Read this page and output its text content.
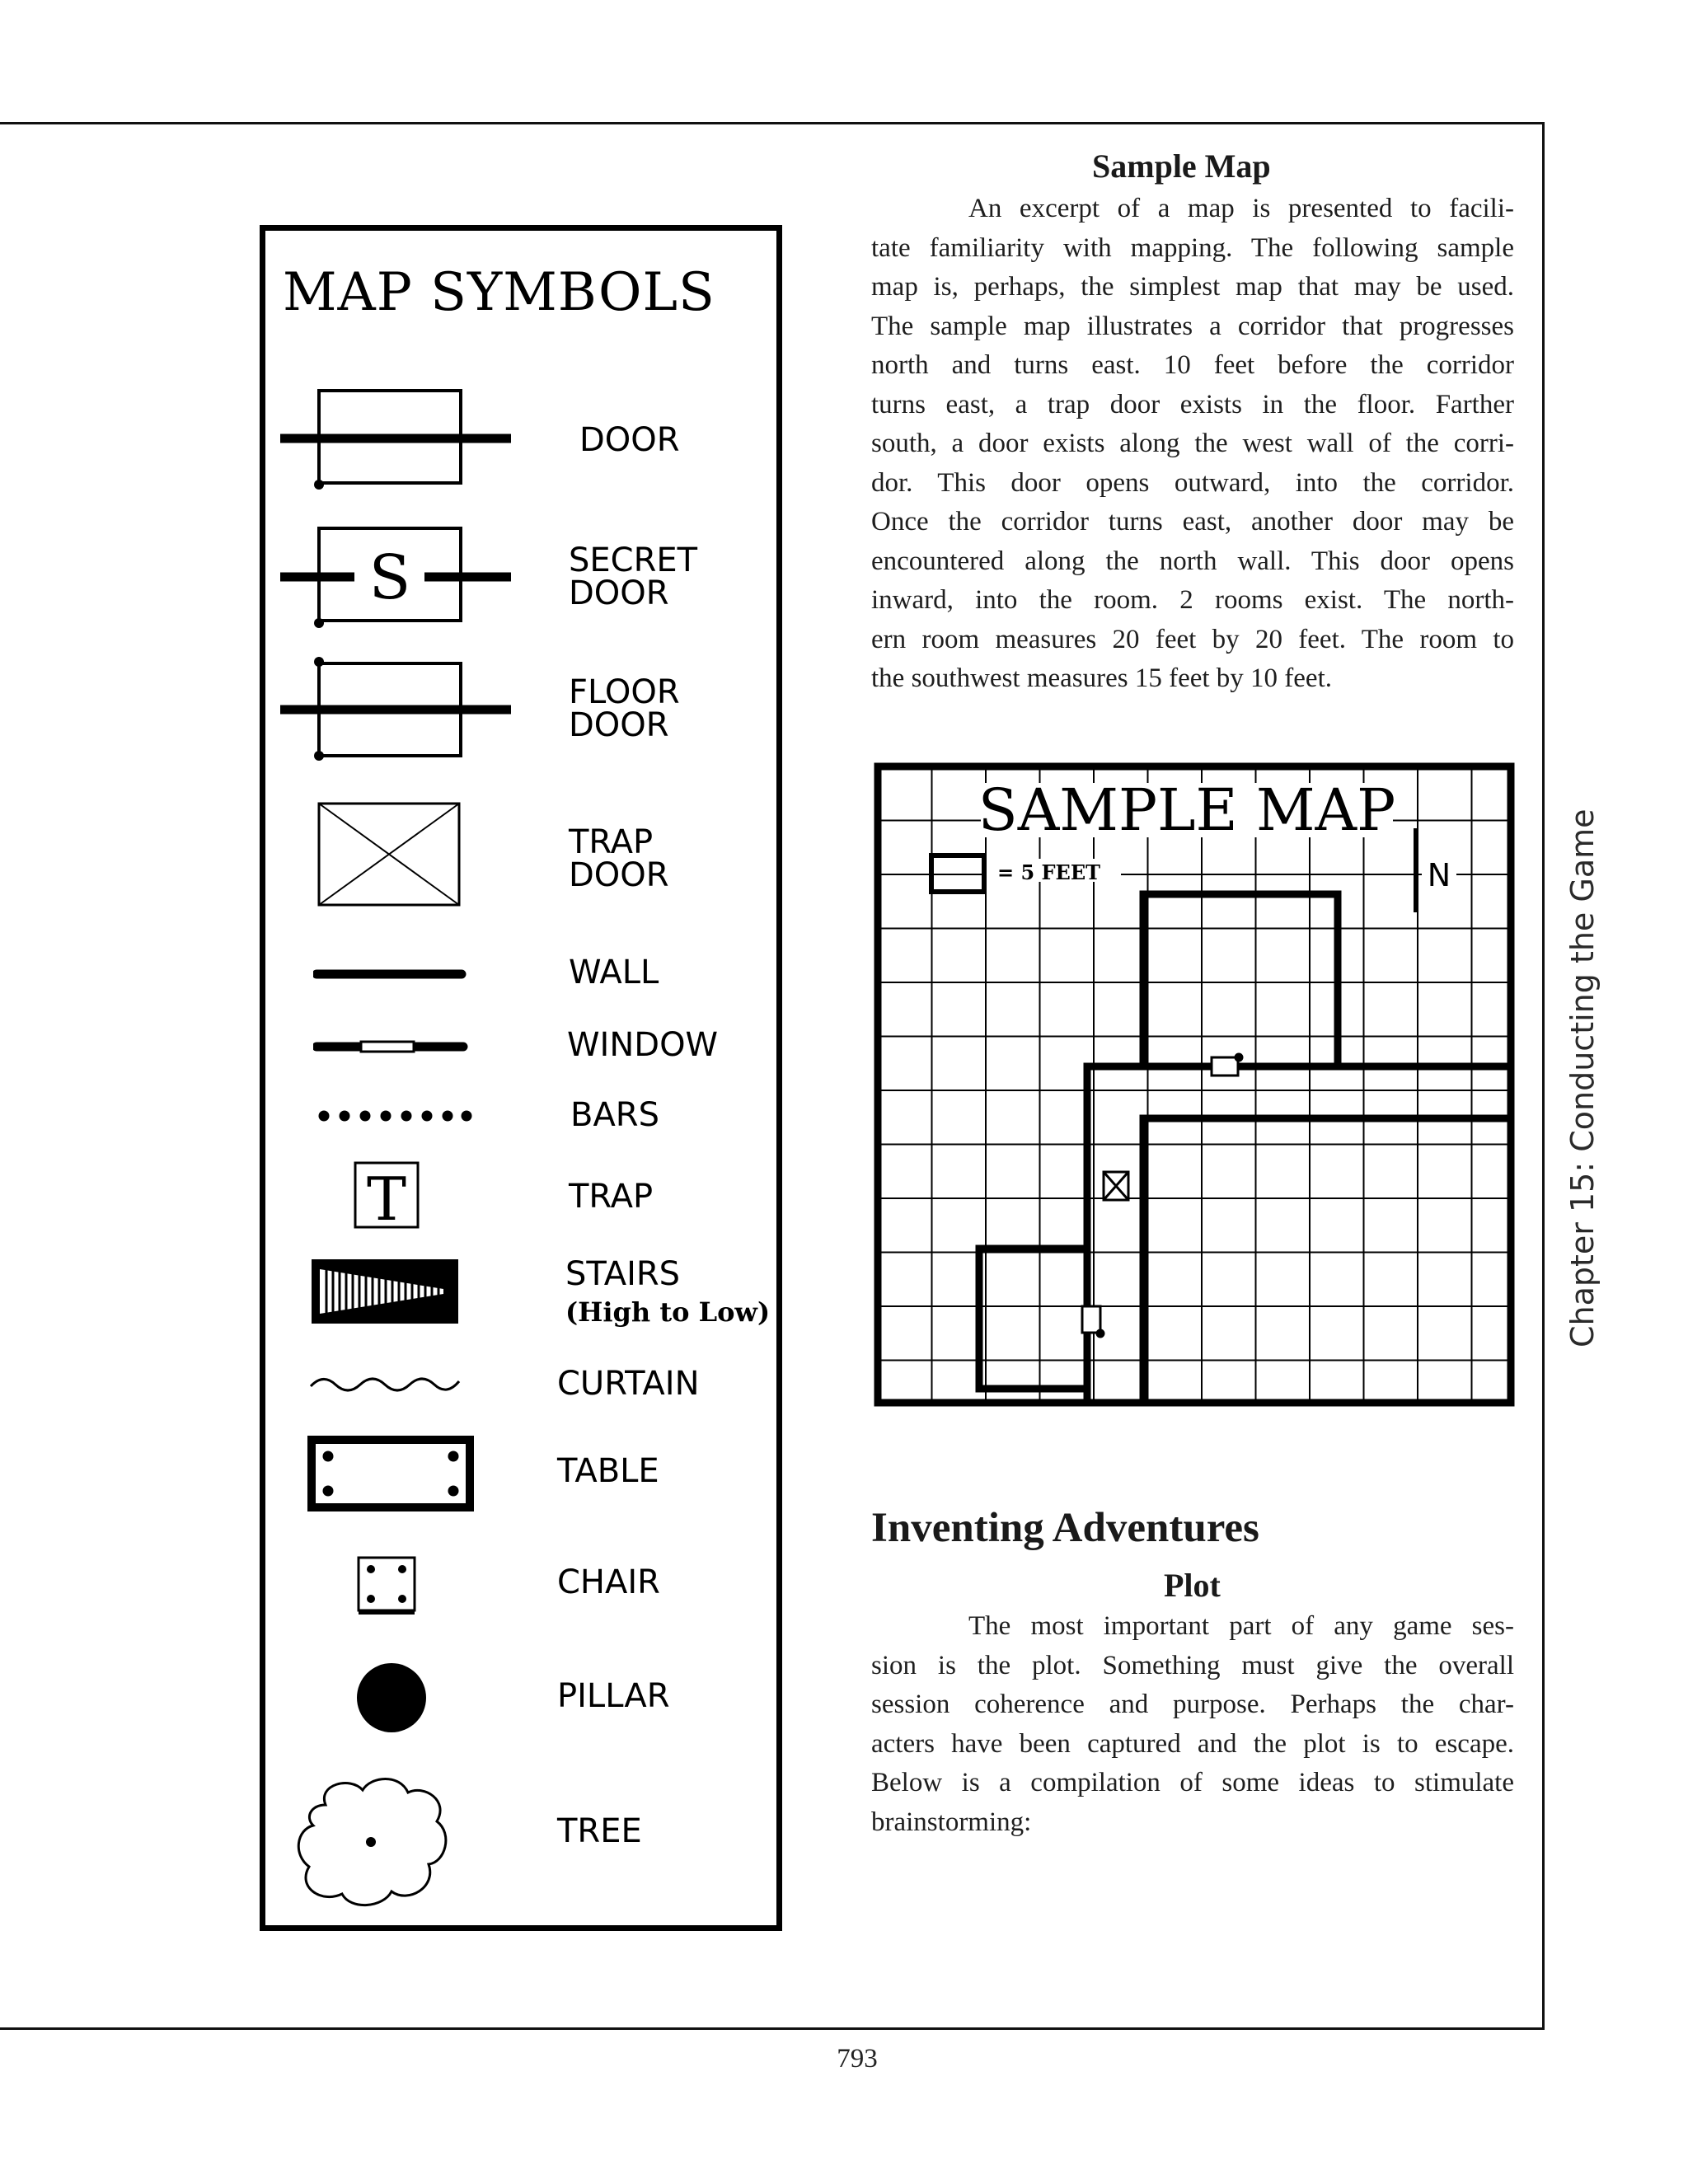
MAP SYMBOLS
DOOR
S	SECRET
DOOR
FLOOR
DOOR
TRAP
DOOR
WALL
WINDOW
BARS
T	TRAP
STAIRS
(High to Low)
CURTAIN
TABLE
CHAIR
PILLAR
TREE
Sample Map
An excerpt of a map is presented to facili-
tate familiarity with mapping. The following sample
map is, perhaps, the simplest map that may be used.
The sample map illustrates a corridor that progresses
north and turns east. 10 feet before the corridor
turns east, a trap door exists in the floor. Farther
south, a door exists along the west wall of the corri-
dor. This door opens outward, into the corridor.
Once the corridor turns east, another door may be
encountered along the north wall. This door opens
inward, into the room. 2 rooms exist. The north-
ern room measures 20 feet by 20 feet. The room to
the southwest measures 15 feet by 10 feet.
SAMPLE MAP
= 5 FEET	N
Inventing Adventures
Plot
The most important part of any game ses-
sion is the plot. Something must give the overall
session coherence and purpose. Perhaps the char-
acters have been captured and the plot is to escape.
Below is a compilation of some ideas to stimulate
brainstorming:
Chapter 15: Conducting the Game
793
